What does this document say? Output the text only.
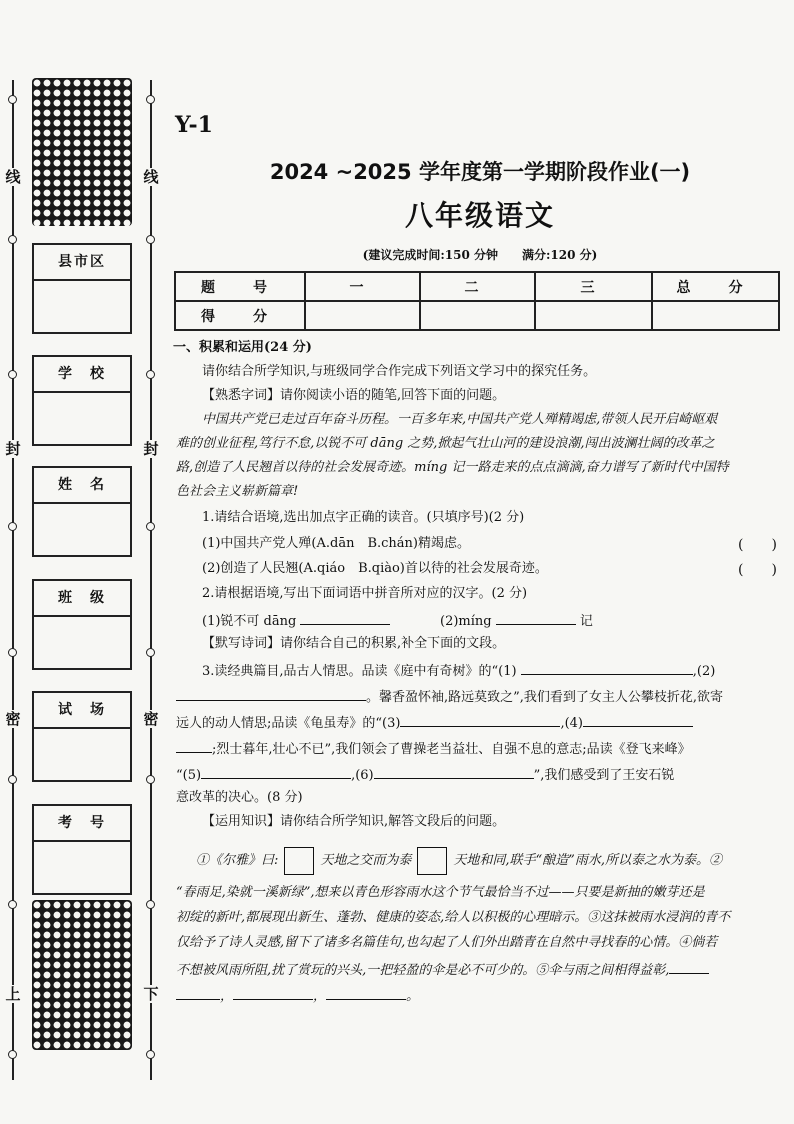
线	线
封	封
密	密
上	下
县市区
学　校
姓　名
班　级
试　场
考　号
Y-1
2024 ~2025 学年度第一学期阶段作业(一)
八年级语文
(建议完成时间:150 分钟　　满分:120 分)
题　号	一	二	三	总　分
得　分				
一、积累和运用(24 分)
请你结合所学知识,与班级同学合作完成下列语文学习中的探究任务。
【熟悉字词】请你阅读小语的随笔,回答下面的问题。
中国共产党已走过百年奋斗历程。一百多年来,中国共产党人殚精竭虑,带领人民开启崎岖艰
难的创业征程,笃行不怠,以锐不可 dāng 之势,掀起气壮山河的建设浪潮,闯出波澜壮阔的改革之
路,创造了人民翘首以待的社会发展奇迹。míng 记一路走来的点点滴滴,奋力谱写了新时代中国特
色社会主义崭新篇章!
1.请结合语境,选出加点字正确的读音。(只填序号)(2 分)
(1)中国共产党人殚(A.dān　B.chán)精竭虑。	(　　)
(2)创造了人民翘(A.qiáo　B.qiào)首以待的社会发展奇迹。	(　　)
2.请根据语境,写出下面词语中拼音所对应的汉字。(2 分)
(1)锐不可 dāng	(2)míng	记
【默写诗词】请你结合自己的积累,补全下面的文段。
3.读经典篇目,品古人情思。品读《庭中有奇树》的“(1)	,(2)
。馨香盈怀袖,路远莫致之”,我们看到了女主人公攀枝折花,欲寄
远人的动人情思;品读《龟虽寿》的“(3)	,(4)
;烈士暮年,壮心不已”,我们领会了曹操老当益壮、自强不息的意志;品读《登飞来峰》
“(5)	,(6)	”,我们感受到了王安石锐
意改革的决心。(8 分)
【运用知识】请你结合所学知识,解答文段后的问题。
①《尔雅》曰:	天地之交而为泰	天地和同,联手“酿造”雨水,所以泰之水为泰。②
“春雨足,染就一溪新绿”,想来以青色形容雨水这个节气最恰当不过——只要是新抽的嫩芽还是
初绽的新叶,都展现出新生、蓬勃、健康的姿态,给人以积极的心理暗示。③这抹被雨水浸润的青不
仅给予了诗人灵感,留下了诸多名篇佳句,也勾起了人们外出踏青在自然中寻找春的心情。④倘若
不想被风雨所阻,扰了赏玩的兴头,一把轻盈的伞是必不可少的。⑤伞与雨之间相得益彰,
，	，	。
